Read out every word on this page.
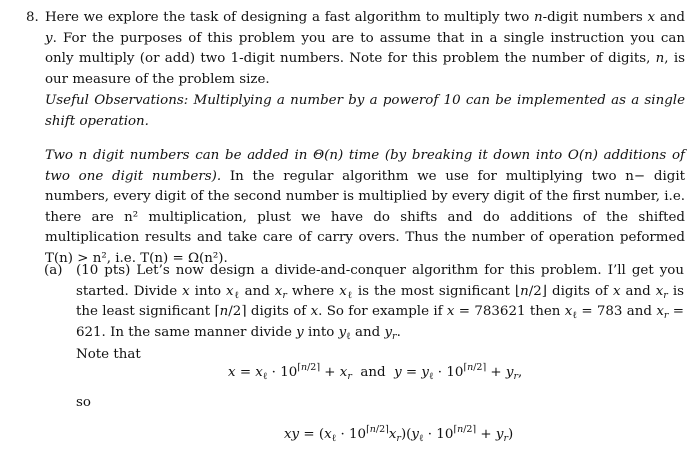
8. Here we explore the task of designing a fast algorithm to multiply two n-digit numbers x and y. For the purposes of this problem you are to assume that in a single instruction you can only multiply (or add) two 1-digit numbers. Note for this problem the number of digits, n, is our measure of the problem size.
Useful Observations: Multiplying a number by a powerof 10 can be implemented as a single shift operation.
Two n digit numbers can be added in Θ(n) time (by breaking it down into O(n) additions of two one digit numbers). In the regular algorithm we use for multiplying two n− digit numbers, every digit of the second number is multiplied by every digit of the first number, i.e. there are n² multiplication, plust we have do shifts and do additions of the shifted multiplication results and take care of carry overs. Thus the number of operation peformed T(n) > n², i.e. T(n) = Ω(n²).
(a) (10 pts) Let’s now design a divide-and-conquer algorithm for this problem. I’ll get you started. Divide x into $x_\ell$ and $x_r$ where $x_\ell$ is the most significant ⌊n/2⌋ digits of x and $x_r$ is the least significant ⌈n/2⌉ digits of x. So for example if x = 783621 then $x_\ell = 783$ and $x_r = 621$. In the same manner divide y into $y_\ell$ and $y_r$.
Note that
$x = x_\ell \cdot 10^{⌈n/2⌉} + x_r$  and  $y = y_\ell \cdot 10^{⌈n/2⌉} + y_r$,
so
xy = $(x_\ell \cdot 10^{⌈n/2⌉}x_r)(y_\ell \cdot 10^{⌈n/2⌉} + y_r)$
